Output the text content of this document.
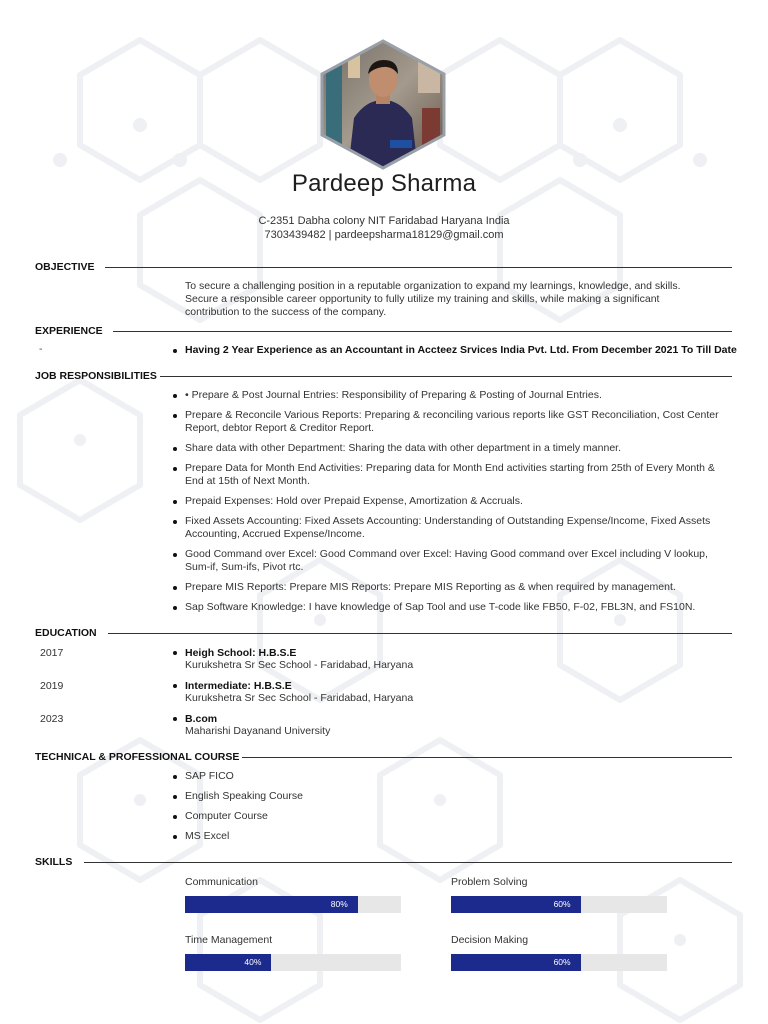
Pardeep Sharma
C-2351 Dabha colony NIT Faridabad Haryana India
7303439482 | pardeepsharma18129@gmail.com
OBJECTIVE
To secure a challenging position in a reputable organization to expand my learnings, knowledge, and skills. Secure a responsible career opportunity to fully utilize my training and skills, while making a significant contribution to the success of the company.
EXPERIENCE
-	Having 2 Year Experience as an Accountant in Accteez Srvices India Pvt. Ltd. From December 2021 To Till Date
JOB RESPONSIBILITIES
• Prepare & Post Journal Entries: Responsibility of Preparing & Posting of Journal Entries.
Prepare & Reconcile Various Reports: Preparing & reconciling various reports like GST Reconciliation, Cost Center Report, debtor Report & Creditor Report.
Share data with other Department: Sharing the data with other department in a timely manner.
Prepare Data for Month End Activities: Preparing data for Month End activities starting from 25th of Every Month & End at 15th of Next Month.
Prepaid Expenses: Hold over Prepaid Expense, Amortization & Accruals.
Fixed Assets Accounting: Fixed Assets Accounting: Understanding of Outstanding Expense/Income, Fixed Assets Accounting, Accrued Expense/Income.
Good Command over Excel: Good Command over Excel: Having Good command over Excel including V lookup, Sum-if, Sum-ifs, Pivot rtc.
Prepare MIS Reports: Prepare MIS Reports: Prepare MIS Reporting as & when required by management.
Sap Software Knowledge: I have knowledge of Sap Tool and use T-code like FB50, F-02, FBL3N, and FS10N.
EDUCATION
2017	Heigh School: H.B.S.E
Kurukshetra Sr Sec School - Faridabad, Haryana
2019	Intermediate: H.B.S.E
Kurukshetra Sr Sec School - Faridabad, Haryana
2023	B.com
Maharishi Dayanand University
TECHNICAL & PROFESSIONAL COURSE
SAP FICO
English Speaking Course
Computer Course
MS Excel
SKILLS
Communication
80%
Problem Solving
60%
Time Management
40%
Decision Making
60%
